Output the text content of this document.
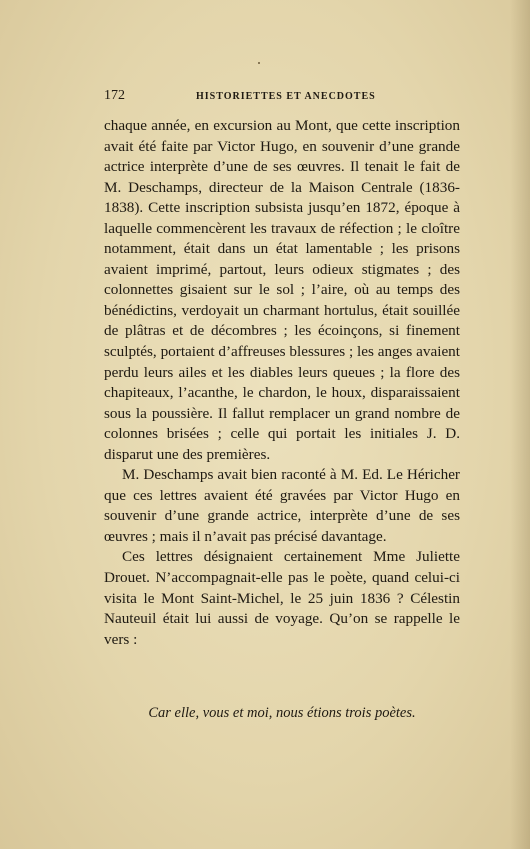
172	HISTORIETTES ET ANECDOTES

chaque année, en excursion au Mont, que cette inscription avait été faite par Victor Hugo, en souvenir d’une grande actrice interprète d’une de ses œuvres. Il tenait le fait de M. Deschamps, directeur de la Maison Centrale (1836-1838). Cette inscription subsista jusqu’en 1872, époque à laquelle commencèrent les travaux de réfection ; le cloître notamment, était dans un état lamentable ; les prisons avaient imprimé, partout, leurs odieux stigmates ; des colonnettes gisaient sur le sol ; l’aire, où au temps des bénédictins, verdoyait un charmant hortulus, était souillée de plâtras et de décombres ; les écoinçons, si finement sculptés, portaient d’affreuses blessures ; les anges avaient perdu leurs ailes et les diables leurs queues ; la flore des chapiteaux, l’acanthe, le chardon, le houx, disparaissaient sous la poussière. Il fallut remplacer un grand nombre de colonnes brisées ; celle qui portait les initiales J. D. disparut une des premières.

M. Deschamps avait bien raconté à M. Ed. Le Héricher que ces lettres avaient été gravées par Victor Hugo en souvenir d’une grande actrice, interprète d’une de ses œuvres ; mais il n’avait pas précisé davantage.

Ces lettres désignaient certainement Mme Juliette Drouet. N’accompagnait-elle pas le poète, quand celui-ci visita le Mont Saint-Michel, le 25 juin 1836 ? Célestin Nauteuil était lui aussi de voyage. Qu’on se rappelle le vers :

Car elle, vous et moi, nous étions trois poètes.
